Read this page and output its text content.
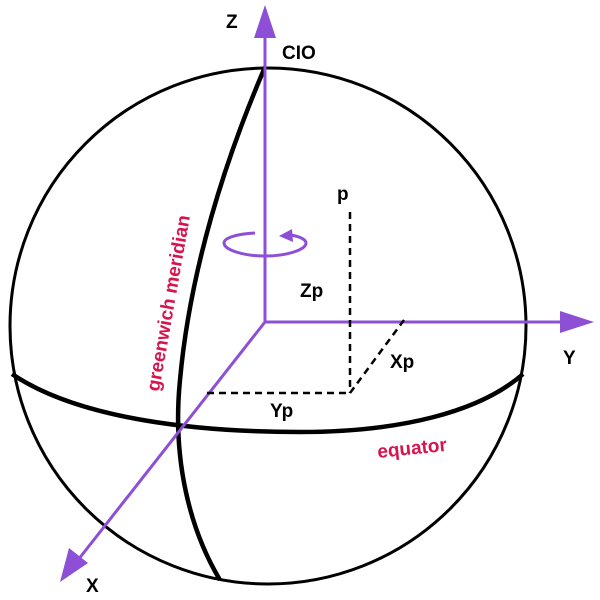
Z
CIO
Y
X
p
Zp
Xp
Yp
greenwich meridian
equator
